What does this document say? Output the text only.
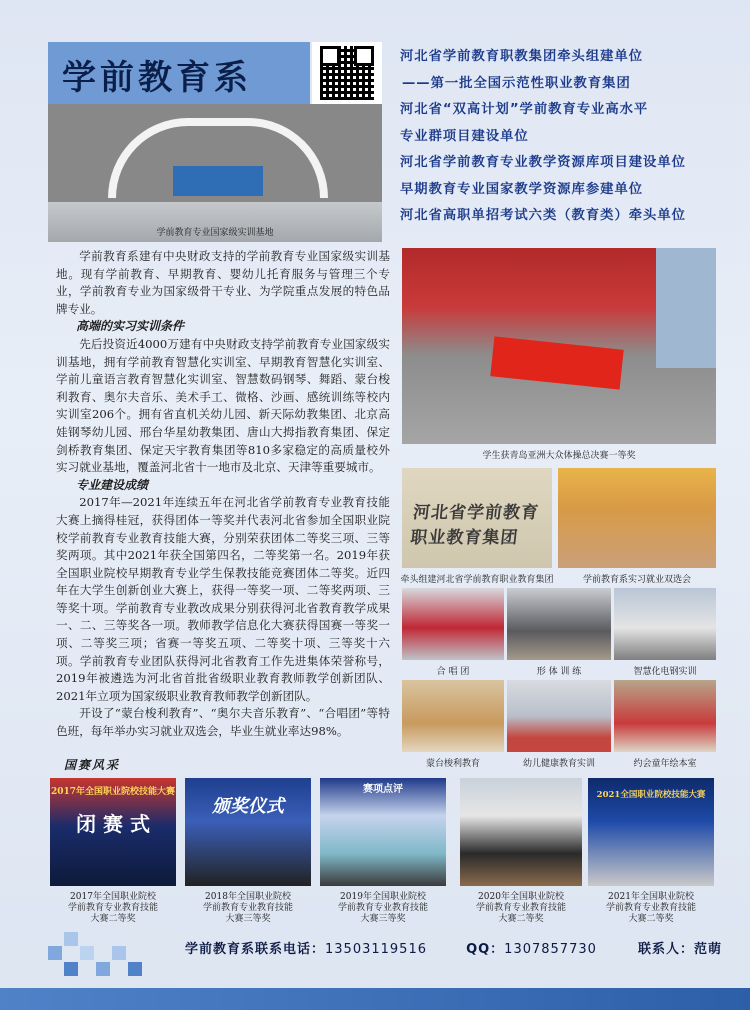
学前教育系
学前教育专业国家级实训基地

河北省学前教育职教集团牵头组建单位

——第一批全国示范性职业教育集团

河北省“双高计划”学前教育专业高水平

专业群项目建设单位

河北省学前教育专业教学资源库项目建设单位

早期教育专业国家教学资源库参建单位

河北省高职单招考试六类（教育类）牵头单位

学前教育系建有中央财政支持的学前教育专业国家级实训基地。现有学前教育、早期教育、婴幼儿托育服务与管理三个专业，学前教育专业为国家级骨干专业、为学院重点发展的特色品牌专业。

高端的实习实训条件

先后投资近4000万建有中央财政支持学前教育专业国家级实训基地，拥有学前教育智慧化实训室、早期教育智慧化实训室、学前儿童语言教育智慧化实训室、智慧数码钢琴、舞蹈、蒙台梭利教育、奥尔夫音乐、美术手工、微格、沙画、感统训练等校内实训室206个。拥有省直机关幼儿园、新天际幼教集团、北京高娃钢琴幼儿园、邢台华星幼教集团、唐山大拇指教育集团、保定剑桥教育集团、保定天宇教育集团等810多家稳定的高质量校外实习就业基地，覆盖河北省十一地市及北京、天津等重要城市。

专业建设成绩

2017年—2021年连续五年在河北省学前教育专业教育技能大赛上摘得桂冠，获得团体一等奖并代表河北省参加全国职业院校学前教育专业教育技能大赛，分别荣获团体二等奖三项、三等奖两项。其中2021年获全国第四名，二等奖第一名。2019年获全国职业院校早期教育专业学生保教技能竞赛团体二等奖。近四年在大学生创新创业大赛上，获得一等奖一项、二等奖两项、三等奖十项。学前教育专业教改成果分别获得河北省教育教学成果一、二、三等奖各一项。教师教学信息化大赛获得国赛一等奖一项、二等奖三项；省赛一等奖五项、二等奖十项、三等奖十六项。学前教育专业团队获得河北省教育工作先进集体荣誉称号，2019年被遴选为河北省首批省级职业教育教师教学创新团队、2021年立项为国家级职业教育教师教学创新团队。

开设了“蒙台梭利教育”、“奥尔夫音乐教育”、“合唱团”等特色班，每年举办实习就业双选会，毕业生就业率达98%。

学生获青岛亚洲大众体操总决赛一等奖
河北省学前教育职业教育集团
牵头组建河北省学前教育职业教育集团	学前教育系实习就业双选会
合 唱 团	形 体 训 练	智慧化电钢实训
蒙台梭利教育	幼儿健康教育实训	约会童年绘本室
国赛风采
2017年全国职业院校技能大赛
闭 赛 式
颁奖仪式
赛项点评	2021全国职业院校技能大赛
2017年全国职业院校
学前教育专业教育技能
大赛二等奖
2018年全国职业院校
学前教育专业教育技能
大赛三等奖
2019年全国职业院校
学前教育专业教育技能
大赛三等奖
2020年全国职业院校
学前教育专业教育技能
大赛二等奖
2021年全国职业院校
学前教育专业教育技能
大赛二等奖
学前教育系联系电话：13503119516	QQ：1307857730	联系人：范萌
